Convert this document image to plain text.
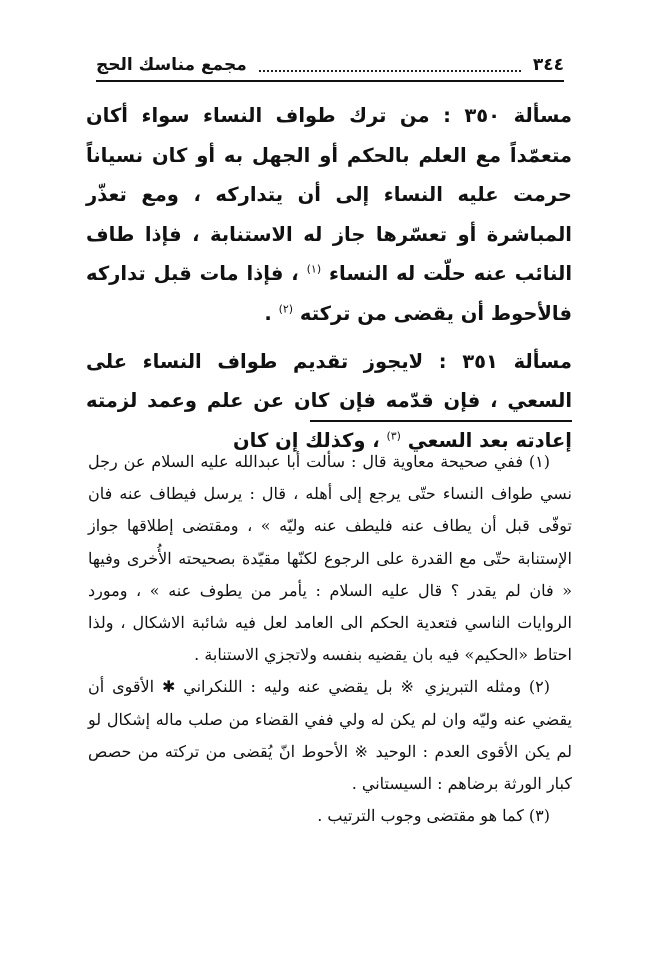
٣٤٤
مجمع مناسك الحج

مسألة ٣٥٠ : من ترك طواف النساء سواء أكان متعمّداً مع العلم بالحكم أو الجهل به أو كان نسياناً حرمت عليه النساء إلى أن يتداركه ، ومع تعذّر المباشرة أو تعسّرها جاز له الاستنابة ، فإذا طاف النائب عنه حلّت له النساء $^{(١)}$ ، فإذا مات قبل تداركه فالأحوط أن يقضى من تركته $^{(٢)}$ .

مسألة ٣٥١ : لايجوز تقديم طواف النساء على السعي ، فإن قدّمه فإن كان عن علم وعمد لزمته إعادته بعد السعي $^{(٣)}$ ، وكذلك إن كان

(١) ففي صحيحة معاوية قال : سألت أبا عبدالله عليه السلام عن رجل نسي طواف النساء حتّى يرجع إلى أهله ، قال : يرسل فيطاف عنه فان توفّى قبل أن يطاف عنه فليطف عنه وليّه » ، ومقتضى إطلاقها جواز الإستنابة حتّى مع القدرة على الرجوع لكنّها مقيّدة بصحيحته الأُخرى وفيها « فان لم يقدر ؟ قال عليه السلام : يأمر من يطوف عنه » ، ومورد الروايات الناسي فتعدية الحكم الى العامد لعل فيه شائبة الاشكال ، ولذا احتاط «الحكيم» فيه بان يقضيه بنفسه ولاتجزي الاستنابة .

(٢) ومثله التبريزي ※ بل يقضي عنه وليه : اللنكراني ✱ الأقوى أن يقضي عنه وليّه وان لم يكن له ولي ففي القضاء من صلب ماله إشكال لو لم يكن الأقوى العدم : الوحيد ※ الأحوط انّ يُقضى من تركته من حصص كبار الورثة برضاهم : السيستاني .

(٣) كما هو مقتضى وجوب الترتيب .
